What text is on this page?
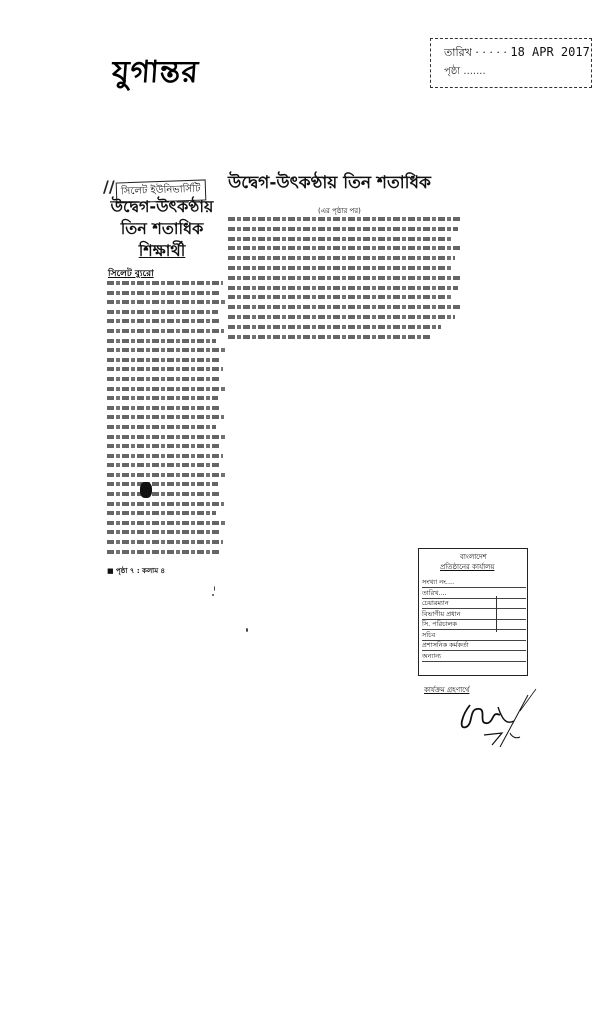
যুগান্তর
তারিখ · · · · · 18 APR 2017
পৃষ্ঠা .......
// সিলেট ইউনিভার্সিটি
উদ্বেগ-উৎকণ্ঠায়
তিন শতাধিক
শিক্ষার্থী
সিলেট ব্যুরো
■ পৃষ্ঠা ৭ : কলাম ৪
উদ্বেগ-উৎকণ্ঠায় তিন শতাধিক
(এর পৃষ্ঠার পর)
বাংলাদেশ
প্রতিষ্ঠানের কার্যালয়
সংখ্যা নং....
তারিখ....
চেয়ারম্যান
বিভাগীয় প্রধান
সি. পরিচালক
সচিব
প্রশাসনিক কর্মকর্তা
অন্যান্য
কার্যক্রম গ্রহণার্থে
